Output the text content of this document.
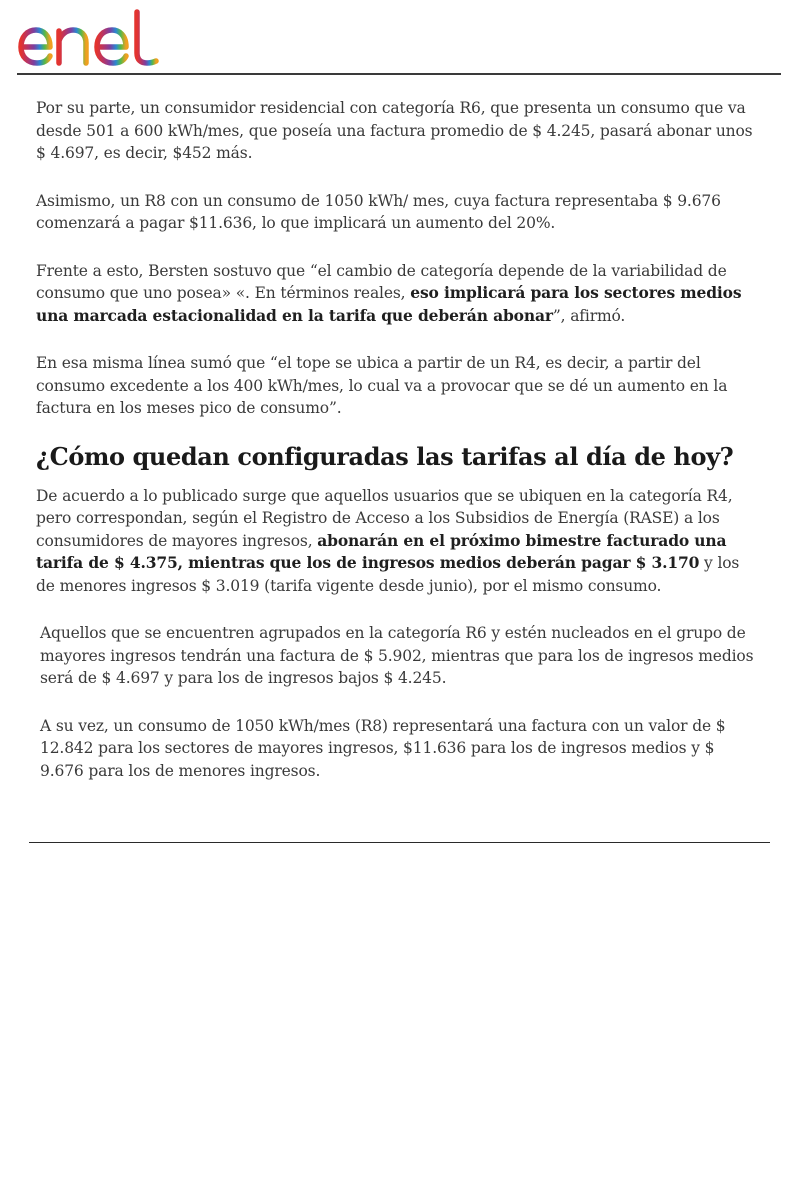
Por su parte, un consumidor residencial con categoría R6, que presenta un consumo que va desde 501 a 600 kWh/mes, que poseía una factura promedio de $ 4.245, pasará abonar unos $ 4.697, es decir, $452 más.

Asimismo, un R8 con un consumo de 1050 kWh/ mes, cuya factura representaba $ 9.676 comenzará a pagar $11.636, lo que implicará un aumento del 20%.

Frente a esto, Bersten sostuvo que “el cambio de categoría depende de la variabilidad de consumo que uno posea» «. En términos reales, eso implicará para los sectores medios una marcada estacionalidad en la tarifa que deberán abonar”, afirmó.

En esa misma línea sumó que “el tope se ubica a partir de un R4, es decir, a partir del consumo excedente a los 400 kWh/mes, lo cual va a provocar que se dé un aumento en la factura en los meses pico de consumo”.

¿Cómo quedan configuradas las tarifas al día de hoy?

De acuerdo a lo publicado surge que aquellos usuarios que se ubiquen en la categoría R4, pero correspondan, según el Registro de Acceso a los Subsidios de Energía (RASE) a los consumidores de mayores ingresos, abonarán en el próximo bimestre facturado una tarifa de $ 4.375, mientras que los de ingresos medios deberán pagar $ 3.170 y los de menores ingresos $ 3.019 (tarifa vigente desde junio), por el mismo consumo.

Aquellos que se encuentren agrupados en la categoría R6 y estén nucleados en el grupo de mayores ingresos tendrán una factura de $ 5.902, mientras que para los de ingresos medios será de $ 4.697 y para los de ingresos bajos $ 4.245.

A su vez, un consumo de 1050 kWh/mes (R8) representará una factura con un valor de $ 12.842 para los sectores de mayores ingresos, $11.636 para los de ingresos medios y $ 9.676 para los de menores ingresos.
